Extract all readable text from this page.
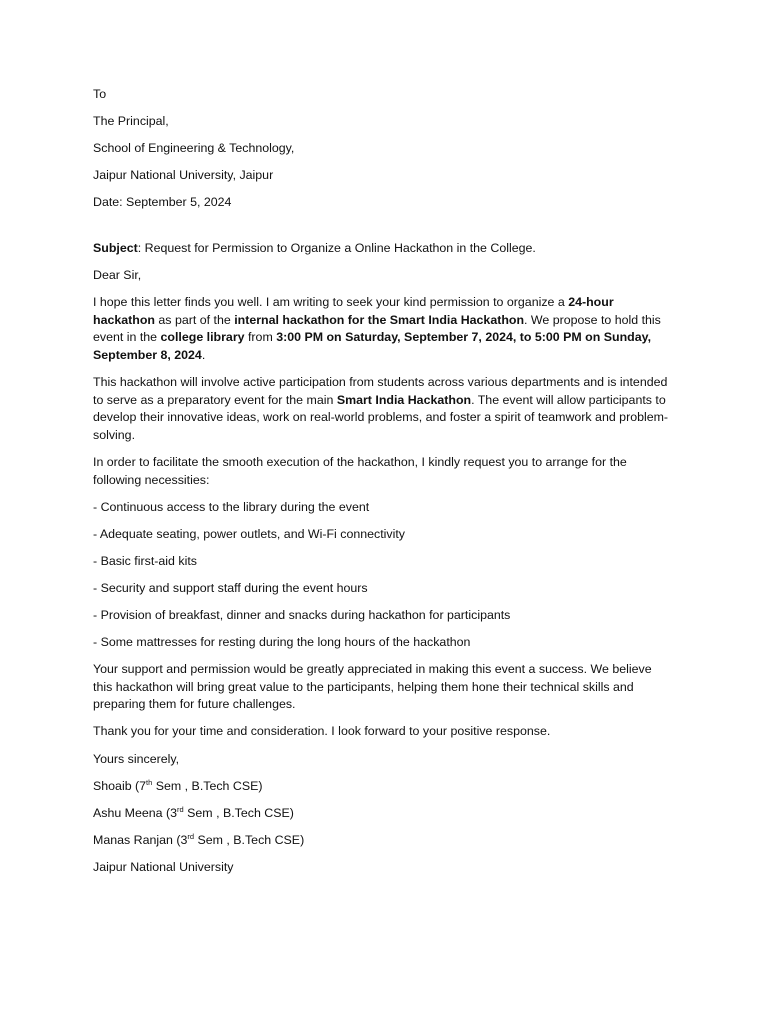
To

The Principal,

School of Engineering & Technology,

Jaipur National University, Jaipur

Date: September 5, 2024

Subject: Request for Permission to Organize a Online Hackathon in the College.

Dear Sir,

I hope this letter finds you well. I am writing to seek your kind permission to organize a 24-hour hackathon as part of the internal hackathon for the Smart India Hackathon. We propose to hold this event in the college library from 3:00 PM on Saturday, September 7, 2024, to 5:00 PM on Sunday, September 8, 2024.

This hackathon will involve active participation from students across various departments and is intended to serve as a preparatory event for the main Smart India Hackathon. The event will allow participants to develop their innovative ideas, work on real-world problems, and foster a spirit of teamwork and problem-solving.

In order to facilitate the smooth execution of the hackathon, I kindly request you to arrange for the following necessities:

- Continuous access to the library during the event

- Adequate seating, power outlets, and Wi-Fi connectivity

- Basic first-aid kits

- Security and support staff during the event hours

- Provision of breakfast, dinner and snacks during hackathon for participants

- Some mattresses for resting during the long hours of the hackathon

Your support and permission would be greatly appreciated in making this event a success. We believe this hackathon will bring great value to the participants, helping them hone their technical skills and preparing them for future challenges.

Thank you for your time and consideration. I look forward to your positive response.

Yours sincerely,

Shoaib (7th Sem , B.Tech CSE)

Ashu Meena (3rd Sem , B.Tech CSE)

Manas Ranjan (3rd Sem , B.Tech CSE)

Jaipur National University
